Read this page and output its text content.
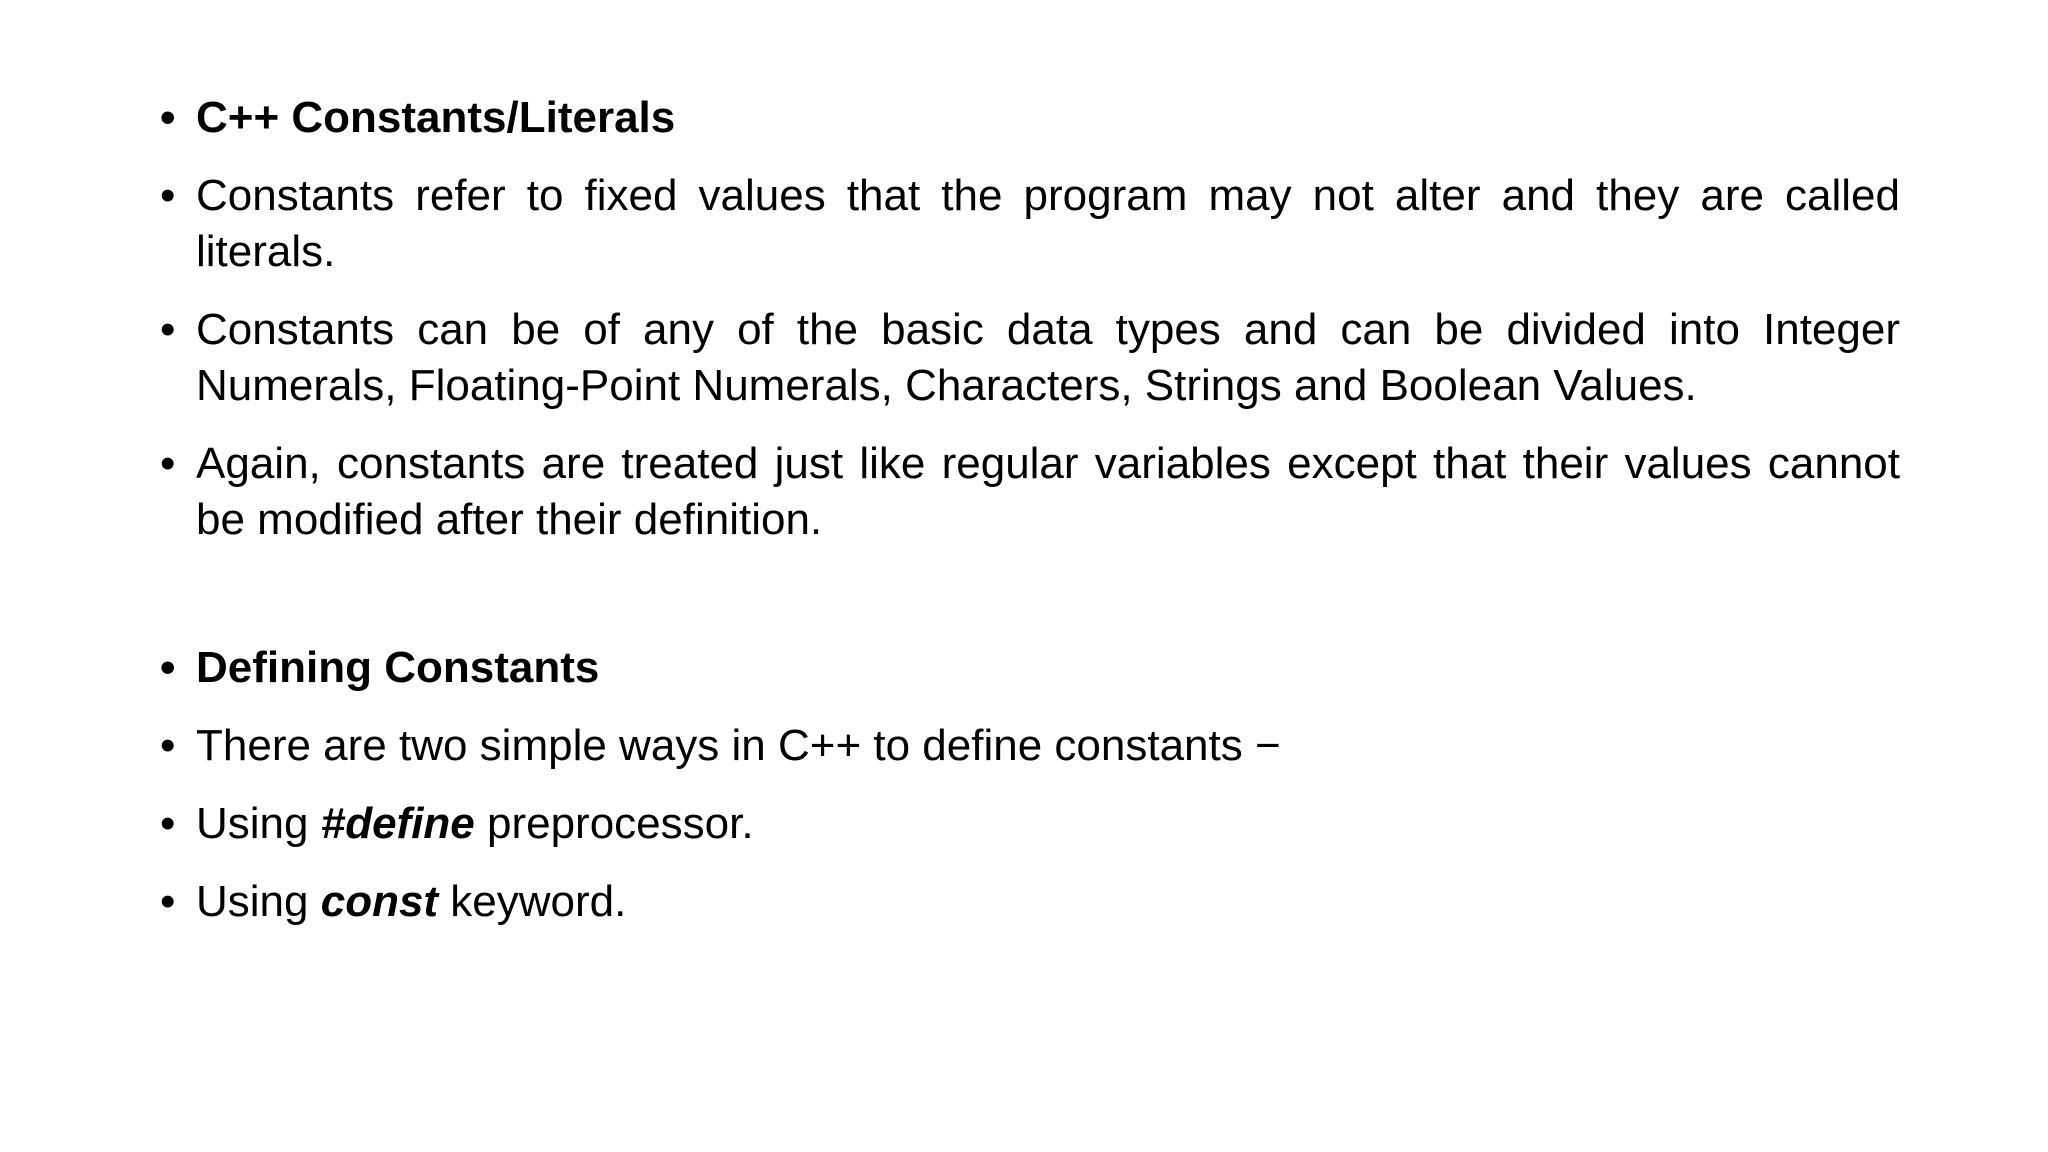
• C++ Constants/Literals
• Constants refer to fixed values that the program may not alter and they are called literals.
• Constants can be of any of the basic data types and can be divided into Integer Numerals, Floating-Point Numerals, Characters, Strings and Boolean Values.
• Again, constants are treated just like regular variables except that their values cannot be modified after their definition.
• Defining Constants
• There are two simple ways in C++ to define constants −
• Using #define preprocessor.
• Using const keyword.
